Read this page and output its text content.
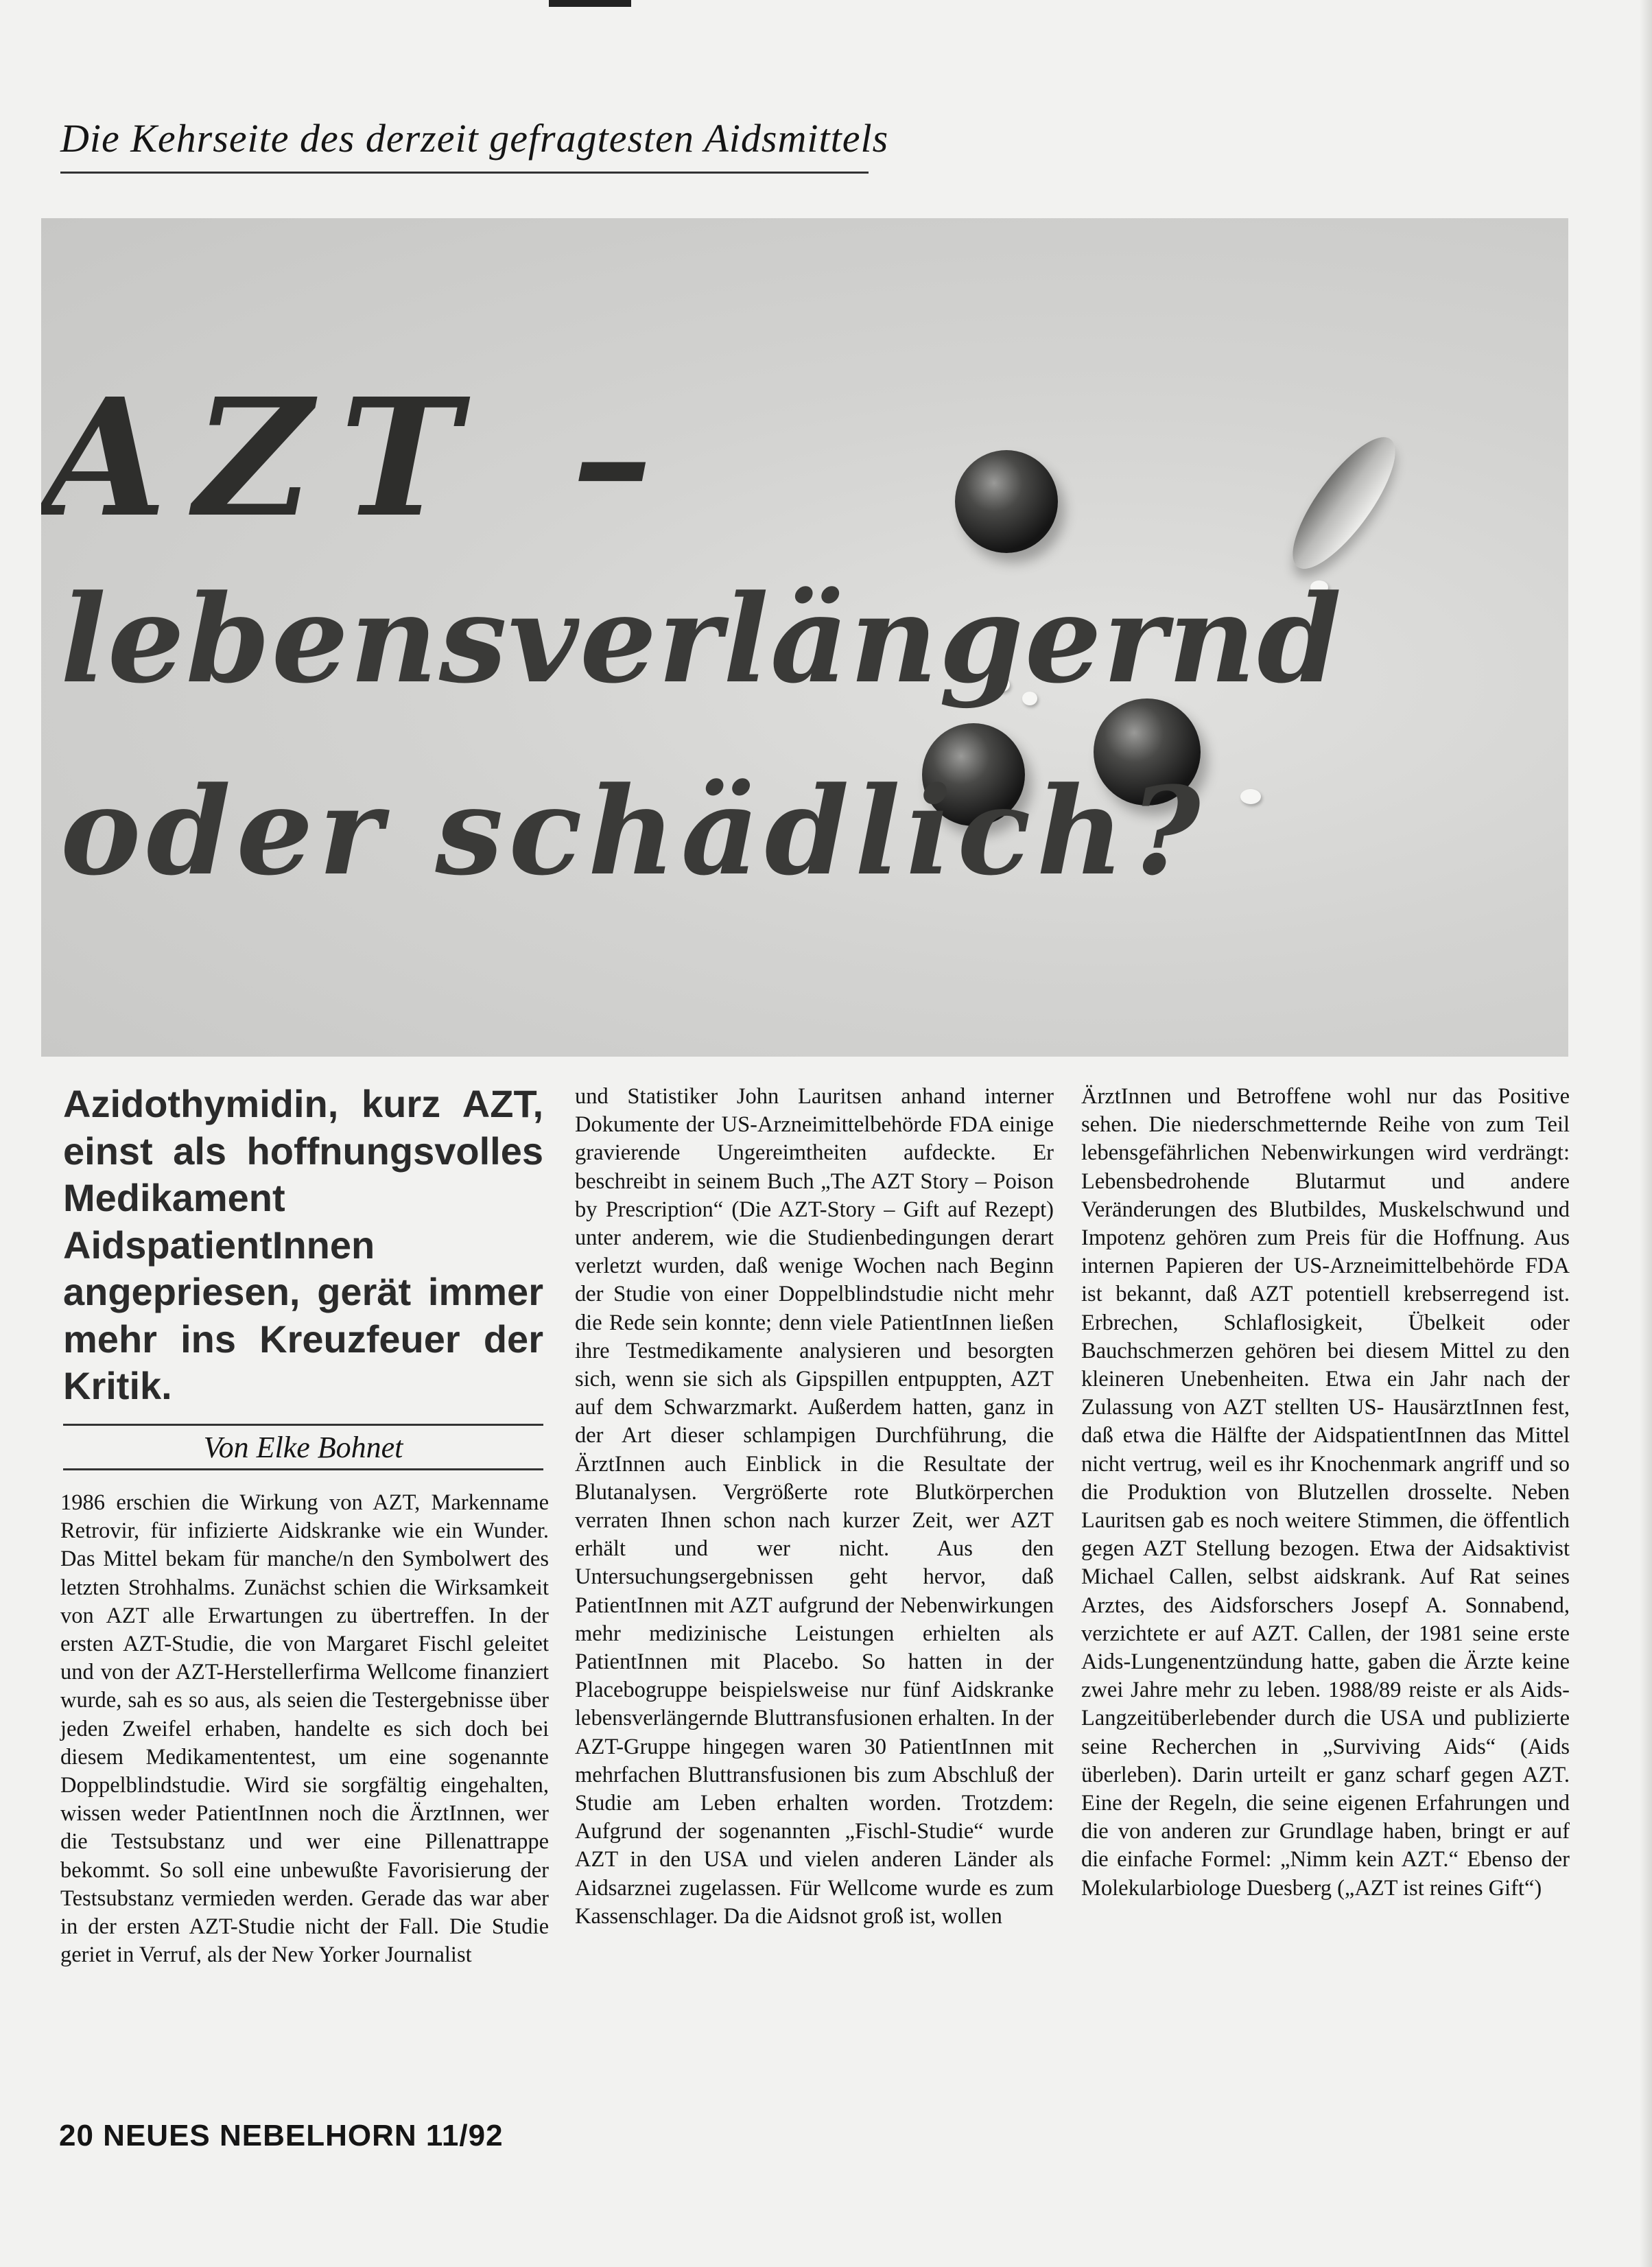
Die Kehrseite des derzeit gefragtesten Aidsmittels
AZT –
lebensverlängernd
oder schädlich?
Azidothymidin, kurz AZT, einst als hoffnungsvolles Medikament AidspatientInnen angepriesen, gerät immer mehr ins Kreuzfeuer der Kritik.
Von Elke Bohnet

1986 erschien die Wirkung von AZT, Markenname Retrovir, für infizierte Aidskranke wie ein Wunder. Das Mittel bekam für manche/n den Symbolwert des letzten Strohhalms. Zunächst schien die Wirksamkeit von AZT alle Erwartungen zu übertreffen. In der ersten AZT-Studie, die von Margaret Fischl geleitet und von der AZT-Herstellerfirma Wellcome finanziert wurde, sah es so aus, als seien die Testergebnisse über jeden Zweifel erhaben, handelte es sich doch bei diesem Medikamententest, um eine sogenannte Doppelblindstudie. Wird sie sorgfältig eingehalten, wissen weder PatientInnen noch die ÄrztInnen, wer die Testsubstanz und wer eine Pillenattrappe bekommt. So soll eine unbewußte Favorisierung der Testsubstanz vermieden werden. Gerade das war aber in der ersten AZT-Studie nicht der Fall. Die Studie geriet in Verruf, als der New Yorker Journalist

und Statistiker John Lauritsen anhand interner Dokumente der US-Arzneimittelbehörde FDA einige gravierende Ungereimtheiten aufdeckte. Er beschreibt in seinem Buch „The AZT Story – Poison by Prescription“ (Die AZT-Story – Gift auf Rezept) unter anderem, wie die Studienbedingungen derart verletzt wurden, daß wenige Wochen nach Beginn der Studie von einer Doppelblindstudie nicht mehr die Rede sein konnte; denn viele PatientInnen ließen ihre Testmedikamente analysieren und besorgten sich, wenn sie sich als Gipspillen entpuppten, AZT auf dem Schwarzmarkt. Außerdem hatten, ganz in der Art dieser schlampigen Durchführung, die ÄrztInnen auch Einblick in die Resultate der Blutanalysen. Vergrößerte rote Blutkörperchen verraten Ihnen schon nach kurzer Zeit, wer AZT erhält und wer nicht. Aus den Untersuchungsergebnissen geht hervor, daß PatientInnen mit AZT aufgrund der Nebenwirkungen mehr medizinische Leistungen erhielten als PatientInnen mit Placebo. So hatten in der Placebogruppe beispielsweise nur fünf Aidskranke lebensverlängernde Bluttransfusionen erhalten. In der AZT-Gruppe hingegen waren 30 PatientInnen mit mehrfachen Bluttransfusionen bis zum Abschluß der Studie am Leben erhalten worden. Trotzdem: Aufgrund der sogenannten „Fischl-Studie“ wurde AZT in den USA und vielen anderen Länder als Aidsarznei zugelassen. Für Wellcome wurde es zum Kassenschlager. Da die Aidsnot groß ist, wollen

ÄrztInnen und Betroffene wohl nur das Positive sehen. Die niederschmetternde Reihe von zum Teil lebensgefährlichen Nebenwirkungen wird verdrängt: Lebensbedrohende Blutarmut und andere Veränderungen des Blutbildes, Muskelschwund und Impotenz gehören zum Preis für die Hoffnung. Aus internen Papieren der US-Arzneimittelbehörde FDA ist bekannt, daß AZT potentiell krebserregend ist. Erbrechen, Schlaflosigkeit, Übelkeit oder Bauchschmerzen gehören bei diesem Mittel zu den kleineren Unebenheiten. Etwa ein Jahr nach der Zulassung von AZT stellten US- HausärztInnen fest, daß etwa die Hälfte der AidspatientInnen das Mittel nicht vertrug, weil es ihr Knochenmark angriff und so die Produktion von Blutzellen drosselte. Neben Lauritsen gab es noch weitere Stimmen, die öffentlich gegen AZT Stellung bezogen. Etwa der Aidsaktivist Michael Callen, selbst aidskrank. Auf Rat seines Arztes, des Aidsforschers Josepf A. Sonnabend, verzichtete er auf AZT. Callen, der 1981 seine erste Aids-Lungenentzündung hatte, gaben die Ärzte keine zwei Jahre mehr zu leben. 1988/89 reiste er als Aids-Langzeitüberlebender durch die USA und publizierte seine Recherchen in „Surviving Aids“ (Aids überleben). Darin urteilt er ganz scharf gegen AZT. Eine der Regeln, die seine eigenen Erfahrungen und die von anderen zur Grundlage haben, bringt er auf die einfache Formel: „Nimm kein AZT.“ Ebenso der Molekularbiologe Duesberg („AZT ist reines Gift“)

20 NEUES NEBELHORN 11/92
